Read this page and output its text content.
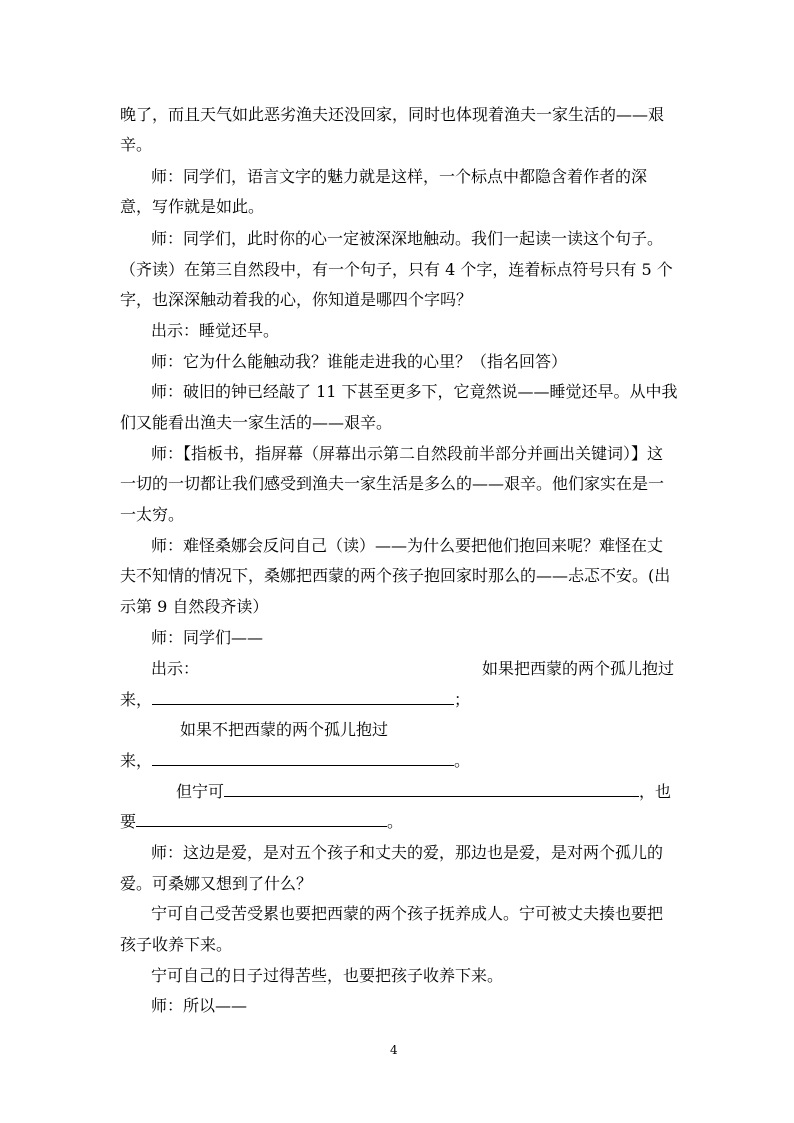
晚了，而且天气如此恶劣渔夫还没回家，同时也体现着渔夫一家生活的——艰
辛。
师：同学们，语言文字的魅力就是这样，一个标点中都隐含着作者的深
意，写作就是如此。
师：同学们，此时你的心一定被深深地触动。我们一起读一读这个句子。
（齐读）在第三自然段中，有一个句子，只有 4 个字，连着标点符号只有 5 个
字，也深深触动着我的心，你知道是哪四个字吗？
出示：睡觉还早。
师：它为什么能触动我？谁能走进我的心里？（指名回答）
师：破旧的钟已经敲了 11 下甚至更多下，它竟然说——睡觉还早。从中我
们又能看出渔夫一家生活的——艰辛。
师：【指板书，指屏幕（屏幕出示第二自然段前半部分并画出关键词）】这
一切的一切都让我们感受到渔夫一家生活是多么的——艰辛。他们家实在是一
一太穷。
师：难怪桑娜会反问自己（读）——为什么要把他们抱回来呢？难怪在丈
夫不知情的情况下，桑娜把西蒙的两个孩子抱回家时那么的——忐忑不安。(出
示第 9 自然段齐读）
师：同学们——
出示：	如果把西蒙的两个孤儿抱过
来，	；
如果不把西蒙的两个孤儿抱过
来，	。
但宁可	，也
要	。
师：这边是爱，是对五个孩子和丈夫的爱，那边也是爱，是对两个孤儿的
爱。可桑娜又想到了什么？
宁可自己受苦受累也要把西蒙的两个孩子抚养成人。宁可被丈夫揍也要把
孩子收养下来。
宁可自己的日子过得苦些，也要把孩子收养下来。
师：所以——
4
